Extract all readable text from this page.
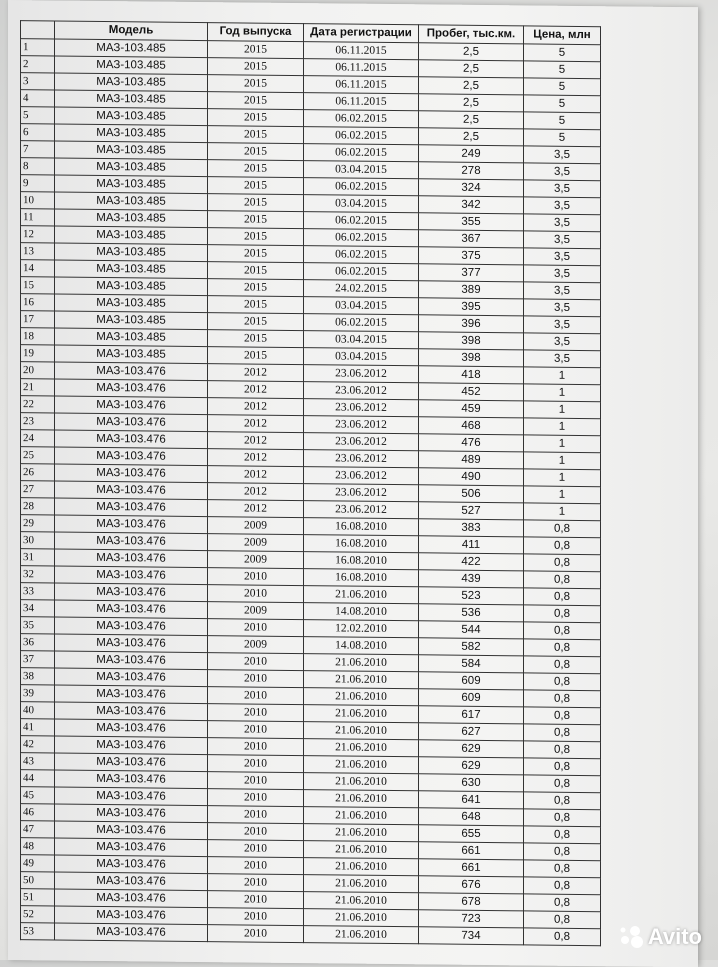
	Модель	Год выпуска	Дата регистрации	Пробег, тыс.км.	Цена, млн
1	МАЗ-103.485	2015	06.11.2015	2,5	5
2	МАЗ-103.485	2015	06.11.2015	2,5	5
3	МАЗ-103.485	2015	06.11.2015	2,5	5
4	МАЗ-103.485	2015	06.11.2015	2,5	5
5	МАЗ-103.485	2015	06.02.2015	2,5	5
6	МАЗ-103.485	2015	06.02.2015	2,5	5
7	МАЗ-103.485	2015	06.02.2015	249	3,5
8	МАЗ-103.485	2015	03.04.2015	278	3,5
9	МАЗ-103.485	2015	06.02.2015	324	3,5
10	МАЗ-103.485	2015	03.04.2015	342	3,5
11	МАЗ-103.485	2015	06.02.2015	355	3,5
12	МАЗ-103.485	2015	06.02.2015	367	3,5
13	МАЗ-103.485	2015	06.02.2015	375	3,5
14	МАЗ-103.485	2015	06.02.2015	377	3,5
15	МАЗ-103.485	2015	24.02.2015	389	3,5
16	МАЗ-103.485	2015	03.04.2015	395	3,5
17	МАЗ-103.485	2015	06.02.2015	396	3,5
18	МАЗ-103.485	2015	03.04.2015	398	3,5
19	МАЗ-103.485	2015	03.04.2015	398	3,5
20	МАЗ-103.476	2012	23.06.2012	418	1
21	МАЗ-103.476	2012	23.06.2012	452	1
22	МАЗ-103.476	2012	23.06.2012	459	1
23	МАЗ-103.476	2012	23.06.2012	468	1
24	МАЗ-103.476	2012	23.06.2012	476	1
25	МАЗ-103.476	2012	23.06.2012	489	1
26	МАЗ-103.476	2012	23.06.2012	490	1
27	МАЗ-103.476	2012	23.06.2012	506	1
28	МАЗ-103.476	2012	23.06.2012	527	1
29	МАЗ-103.476	2009	16.08.2010	383	0,8
30	МАЗ-103.476	2009	16.08.2010	411	0,8
31	МАЗ-103.476	2009	16.08.2010	422	0,8
32	МАЗ-103.476	2010	16.08.2010	439	0,8
33	МАЗ-103.476	2010	21.06.2010	523	0,8
34	МАЗ-103.476	2009	14.08.2010	536	0,8
35	МАЗ-103.476	2010	12.02.2010	544	0,8
36	МАЗ-103.476	2009	14.08.2010	582	0,8
37	МАЗ-103.476	2010	21.06.2010	584	0,8
38	МАЗ-103.476	2010	21.06.2010	609	0,8
39	МАЗ-103.476	2010	21.06.2010	609	0,8
40	МАЗ-103.476	2010	21.06.2010	617	0,8
41	МАЗ-103.476	2010	21.06.2010	627	0,8
42	МАЗ-103.476	2010	21.06.2010	629	0,8
43	МАЗ-103.476	2010	21.06.2010	629	0,8
44	МАЗ-103.476	2010	21.06.2010	630	0,8
45	МАЗ-103.476	2010	21.06.2010	641	0,8
46	МАЗ-103.476	2010	21.06.2010	648	0,8
47	МАЗ-103.476	2010	21.06.2010	655	0,8
48	МАЗ-103.476	2010	21.06.2010	661	0,8
49	МАЗ-103.476	2010	21.06.2010	661	0,8
50	МАЗ-103.476	2010	21.06.2010	676	0,8
51	МАЗ-103.476	2010	21.06.2010	678	0,8
52	МАЗ-103.476	2010	21.06.2010	723	0,8
53	МАЗ-103.476	2010	21.06.2010	734	0,8	Avito
